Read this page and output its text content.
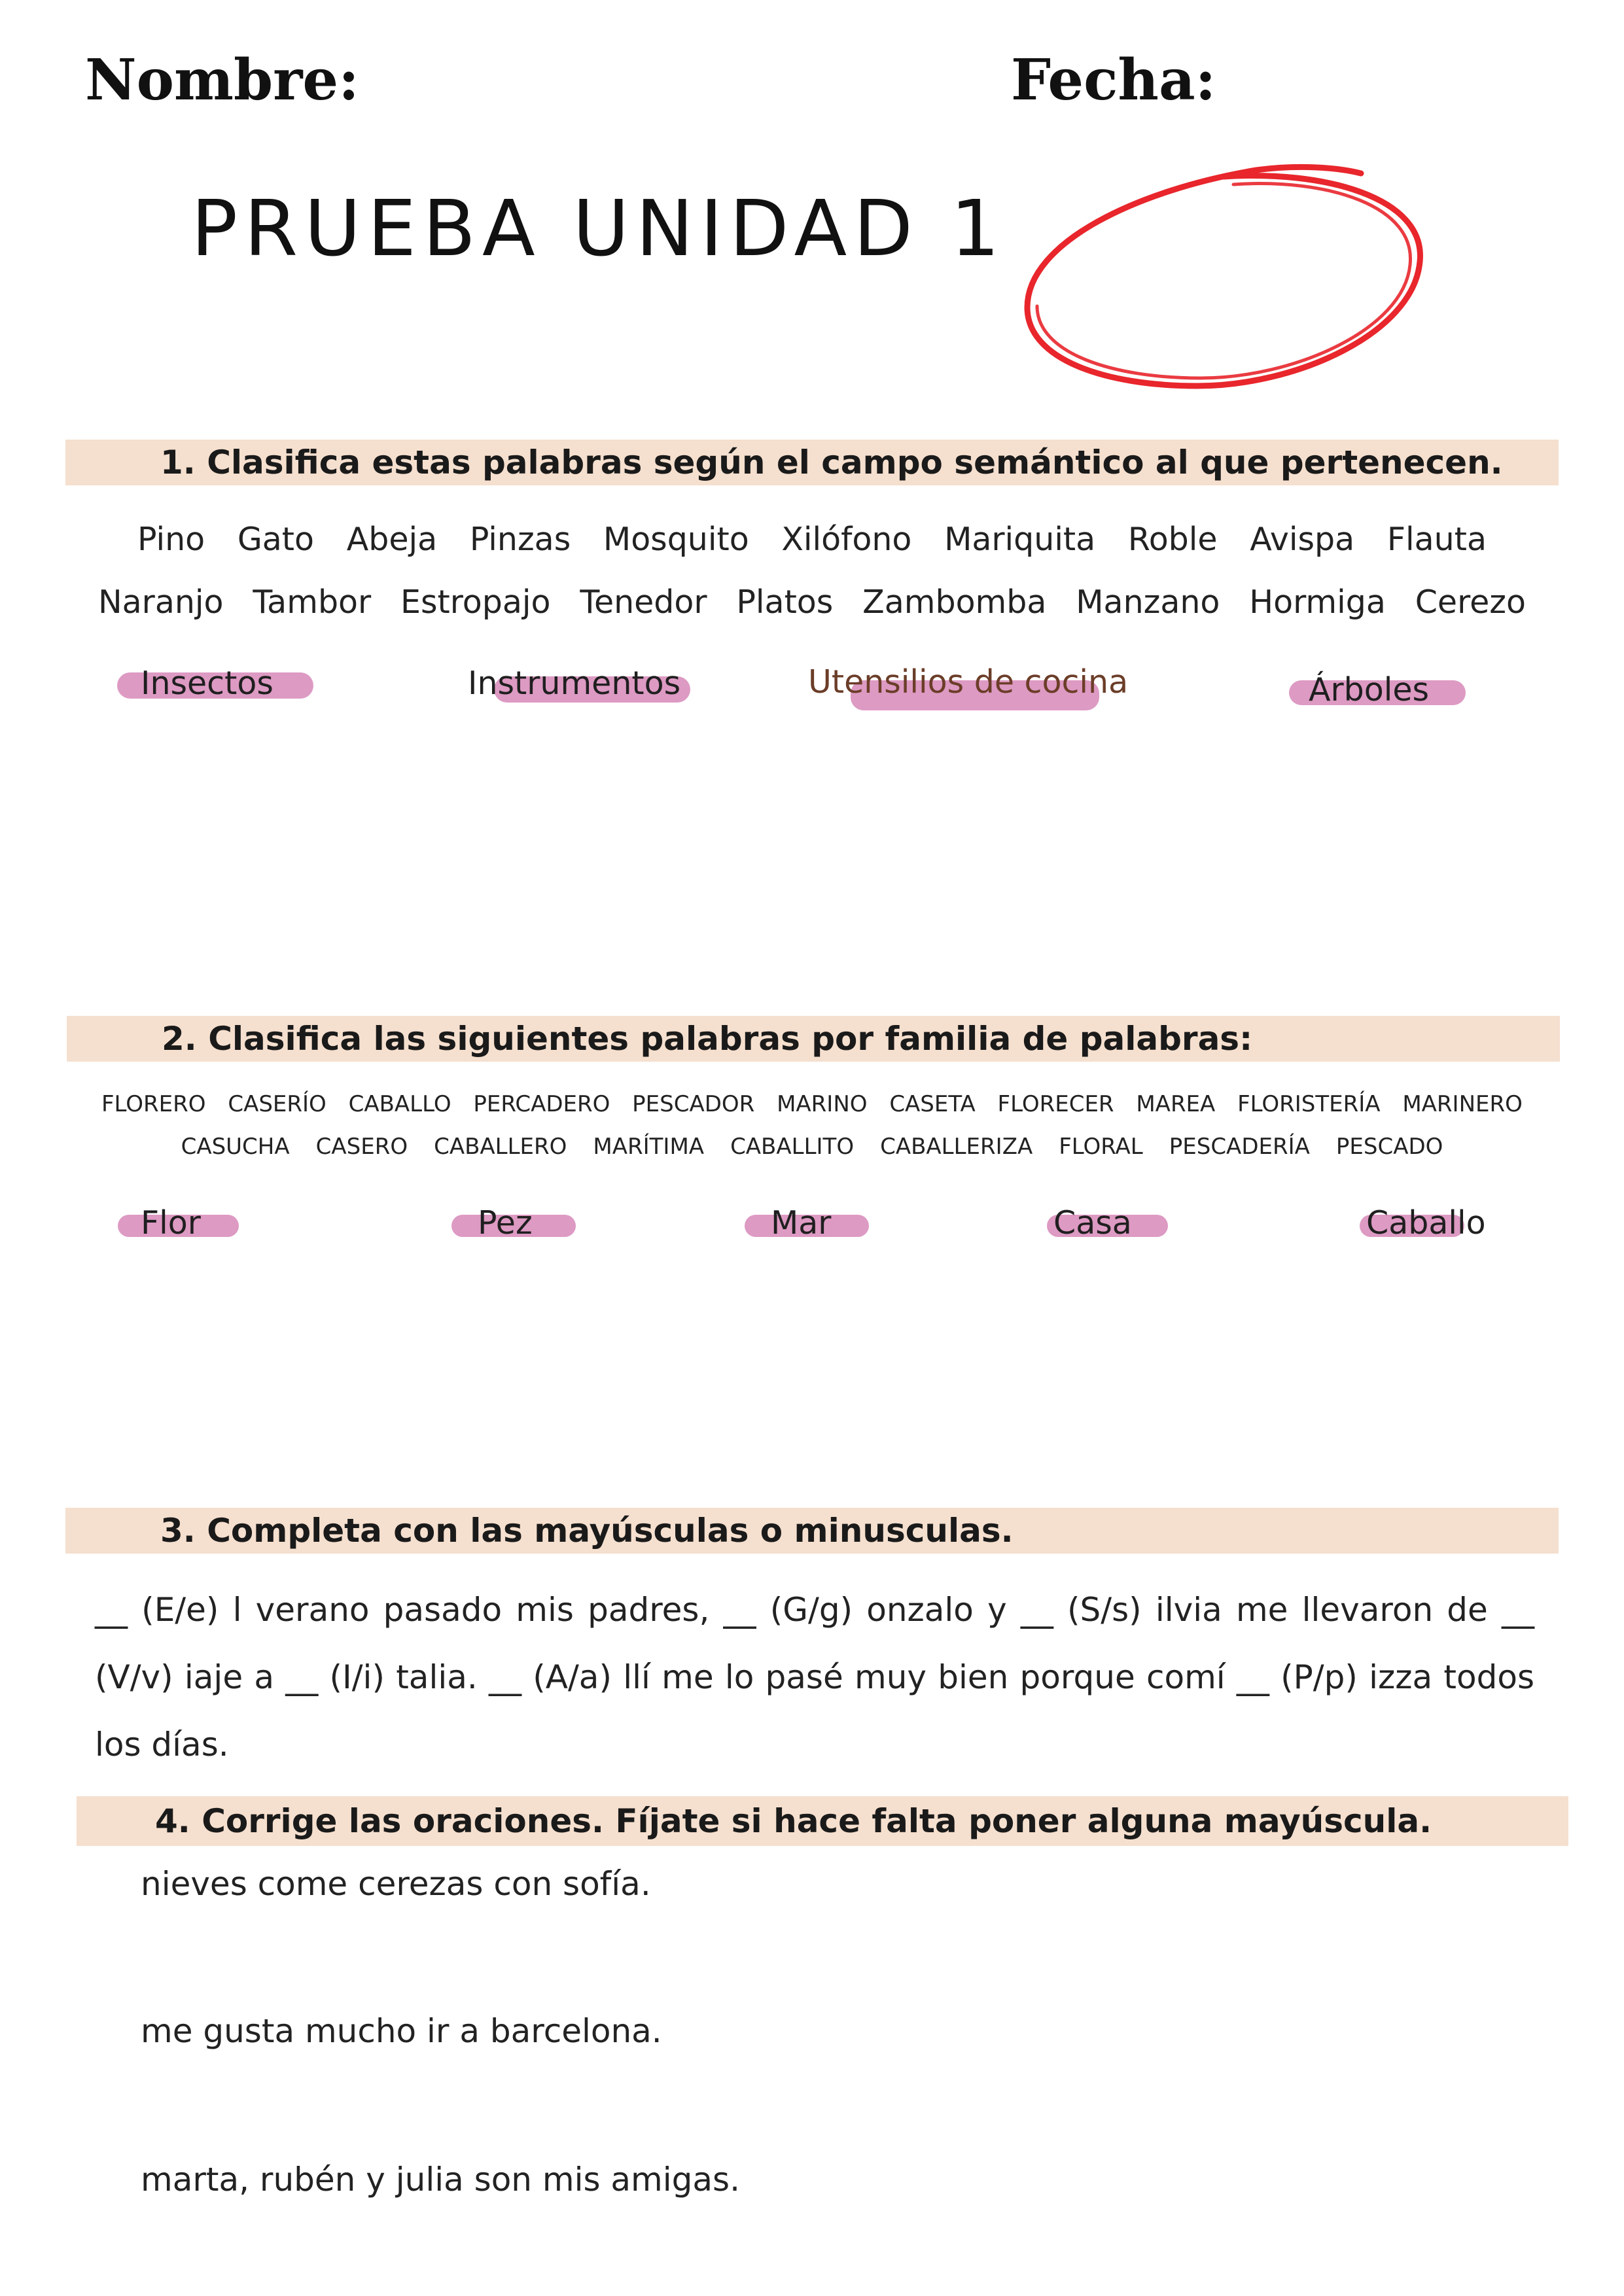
Nombre:	Fecha:
PRUEBA UNIDAD 1
1. Clasifica estas palabras según el campo semántico al que pertenecen.
Pino Gato Abeja Pinzas Mosquito Xilófono Mariquita Roble Avispa Flauta
Naranjo Tambor Estropajo Tenedor Platos Zambomba Manzano Hormiga Cerezo
Insectos	Instrumentos	Utensilios de cocina	Árboles
2. Clasifica las siguientes palabras por familia de palabras:
FLORERO CASERÍO CABALLO PERCADERO PESCADOR MARINO CASETA FLORECER MAREA FLORISTERÍA MARINERO
CASUCHA CASERO CABALLERO MARÍTIMA CABALLITO CABALLERIZA FLORAL PESCADERÍA PESCADO
Flor	Pez	Mar	Casa	Caballo
3. Completa con las mayúsculas o minusculas.
__ (E/e) l verano pasado mis padres, __ (G/g) onzalo y __ (S/s) ilvia me llevaron de __ (V/v) iaje a __ (I/i) talia. __ (A/a) llí me lo pasé muy bien porque comí __ (P/p) izza todos los días.
4. Corrige las oraciones. Fíjate si hace falta poner alguna mayúscula.
nieves come cerezas con sofía.
me gusta mucho ir a barcelona.
marta, rubén y julia son mis amigas.
